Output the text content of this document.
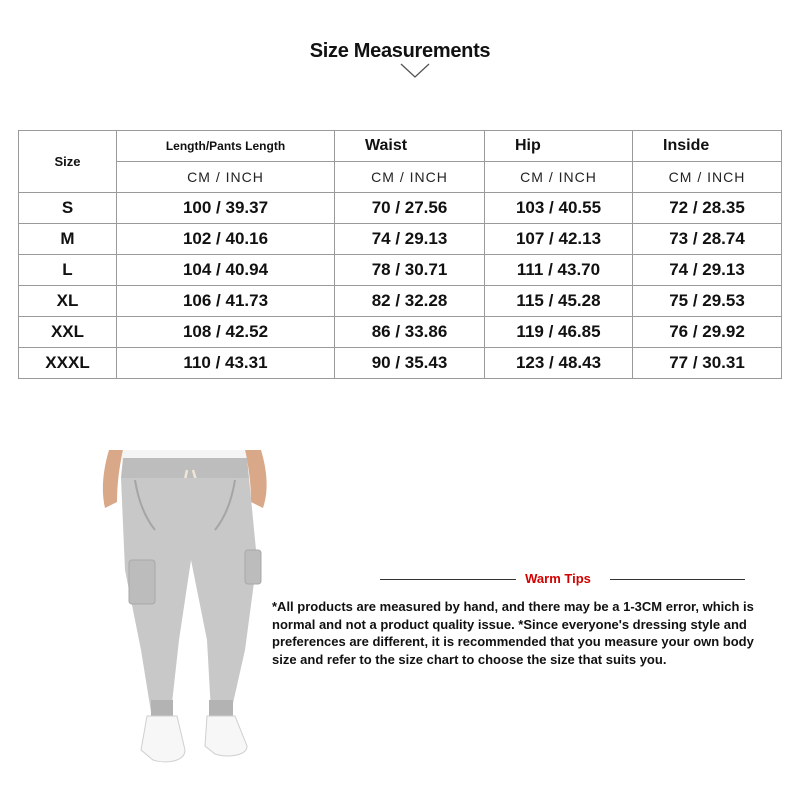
Size Measurements
Size	Length/Pants Length	Waist	Hip	Inside
	CM / INCH	CM / INCH	CM / INCH	CM / INCH
S	100 / 39.37	70 / 27.56	103 / 40.55	72 / 28.35
M	102 / 40.16	74 / 29.13	107 / 42.13	73 / 28.74
L	104 / 40.94	78 / 30.71	111 / 43.70	74 / 29.13
XL	106 / 41.73	82 / 32.28	115 / 45.28	75 / 29.53
XXL	108 / 42.52	86 / 33.86	119 / 46.85	76 / 29.92
XXXL	110 / 43.31	90 / 35.43	123 / 48.43	77 / 30.31
Warm Tips
*All products are measured by hand, and there may be a 1-3CM error, which is normal and not a product quality issue. *Since everyone's dressing style and preferences are different, it is recommended that you measure your own body size and refer to the size chart to choose the size that suits you.
